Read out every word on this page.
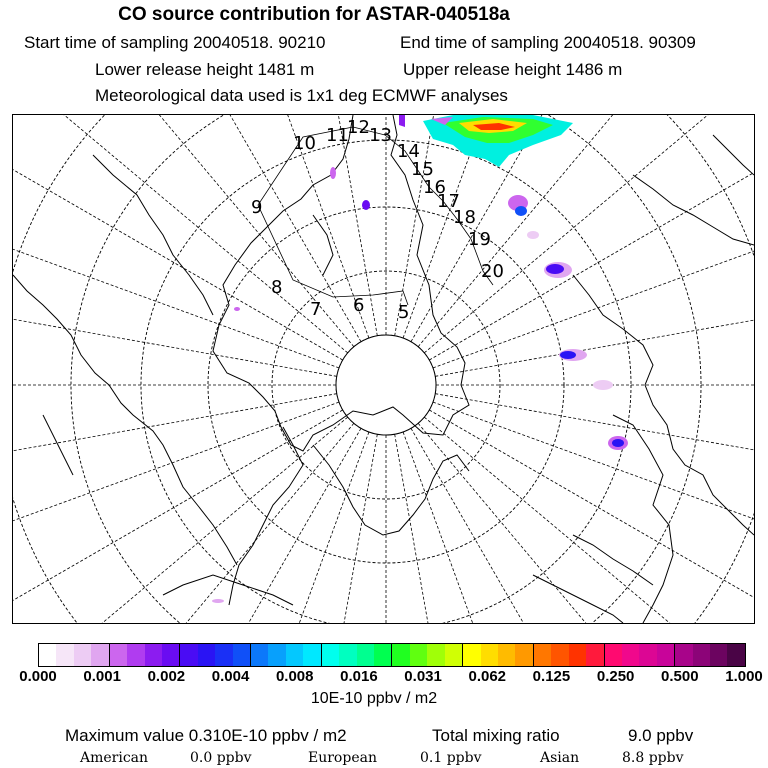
CO source contribution for ASTAR-040518a
Start time of sampling 20040518. 90210	End time of sampling 20040518. 90309
Lower release height 1481 m	Upper release height 1486 m
Meteorological data used is 1x1 deg ECMWF analyses
5
6
7
8
9
10 11
12 13
14
15
16
17
18
19
20
0.000 0.001 0.002 0.004 0.008 0.016 0.031 0.062 0.125 0.250 0.500 1.000
10E-10 ppbv / m2
Maximum value 0.310E-10 ppbv / m2	Total mixing ratio	9.0 ppbv
American	0.0 ppbv	European	0.1 ppbv	Asian	8.8 ppbv
